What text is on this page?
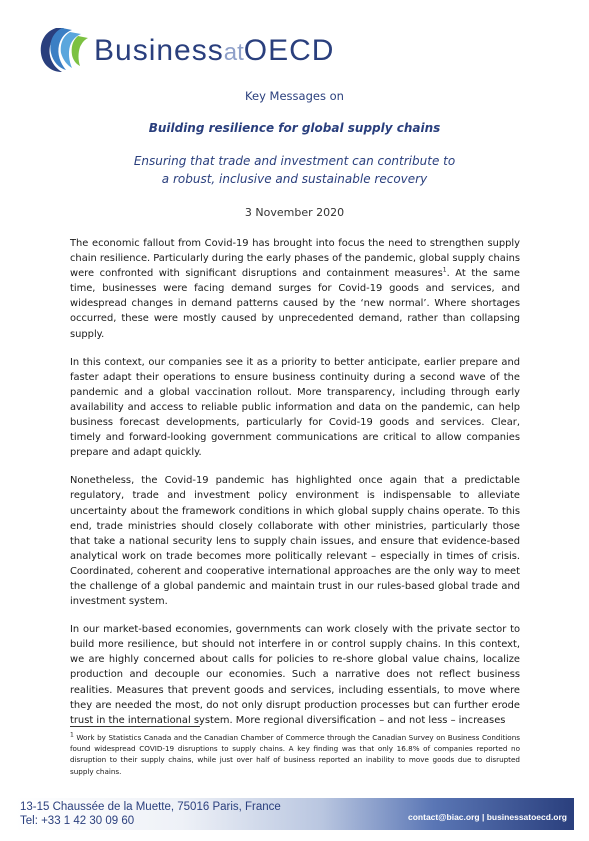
BusinessatOECD
Key Messages on
Building resilience for global supply chains
Ensuring that trade and investment can contribute to
a robust, inclusive and sustainable recovery
3 November 2020

The economic fallout from Covid-19 has brought into focus the need to strengthen supply chain resilience. Particularly during the early phases of the pandemic, global supply chains were confronted with significant disruptions and containment measures$^1$. At the same time, businesses were facing demand surges for Covid-19 goods and services, and widespread changes in demand patterns caused by the ‘new normal’. Where shortages occurred, these were mostly caused by unprecedented demand, rather than collapsing supply.

In this context, our companies see it as a priority to better anticipate, earlier prepare and faster adapt their operations to ensure business continuity during a second wave of the pandemic and a global vaccination rollout. More transparency, including through early availability and access to reliable public information and data on the pandemic, can help business forecast developments, particularly for Covid-19 goods and services. Clear, timely and forward-looking government communications are critical to allow companies prepare and adapt quickly.

Nonetheless, the Covid-19 pandemic has highlighted once again that a predictable regulatory, trade and investment policy environment is indispensable to alleviate uncertainty about the framework conditions in which global supply chains operate. To this end, trade ministries should closely collaborate with other ministries, particularly those that take a national security lens to supply chain issues, and ensure that evidence-based analytical work on trade becomes more politically relevant – especially in times of crisis. Coordinated, coherent and cooperative international approaches are the only way to meet the challenge of a global pandemic and maintain trust in our rules-based global trade and investment system.

In our market-based economies, governments can work closely with the private sector to build more resilience, but should not interfere in or control supply chains. In this context, we are highly concerned about calls for policies to re-shore global value chains, localize production and decouple our economies. Such a narrative does not reflect business realities. Measures that prevent goods and services, including essentials, to move where they are needed the most, do not only disrupt production processes but can further erode trust in the international system. More regional diversification – and not less – increases

$^1$ Work by Statistics Canada and the Canadian Chamber of Commerce through the Canadian Survey on Business Conditions found widespread COVID-19 disruptions to supply chains. A key finding was that only 16.8% of companies reported no disruption to their supply chains, while just over half of business reported an inability to move goods due to disrupted supply chains.
13-15 Chaussée de la Muette, 75016 Paris, France
Tel: +33 1 42 30 09 60	contact@biac.org | businessatoecd.org
